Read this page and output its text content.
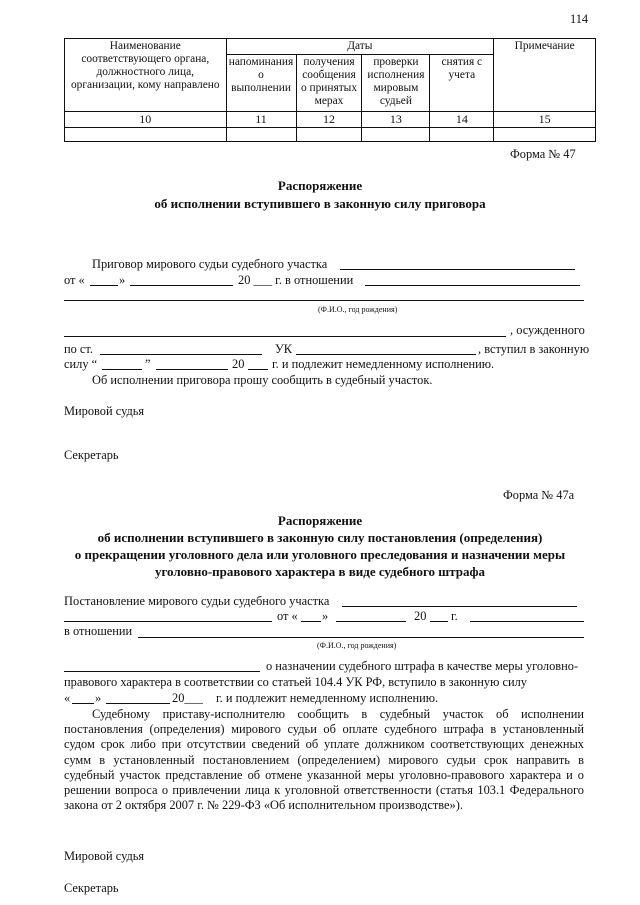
114
Наименование соответствующего органа, должностного лица, организации, кому направлено	Даты				Примечание
	напоминания о выполнении	получения сообщения о принятых мерах	проверки исполнения мировым судьей	снятия с учета	
10	11	12	13	14	15

Форма № 47
Распоряжение
об исполнении вступившего в законную силу приговора
Приговор мирового судьи судебного участка
от «	»	20 ___ г. в отношении
(Ф.И.О., год рождения)
, осужденного
по ст.	УК	, вступил в законную
силу “	”	20 г. и подлежит немедленному исполнению.
Об исполнении приговора прошу сообщить в судебный участок.
Мировой судья
Секретарь
Форма № 47а
Распоряжение
об исполнении вступившего в законную силу постановления (определения)
о прекращении уголовного дела или уголовного преследования и назначении меры
уголовно-правового характера в виде судебного штрафа
Постановление мирового судьи судебного участка
от « »	20 г.
в отношении
(Ф.И.О., год рождения)
о назначении судебного штрафа в качестве меры уголовно-
правового характера в соответствии со статьей 104.4 УК РФ, вступило в законную силу
« »	20___ г. и подлежит немедленному исполнению.
Судебному приставу-исполнителю сообщить в судебный участок об исполнении постановления (определения) мирового судьи об оплате судебного штрафа в установленный судом срок либо при отсутствии сведений об уплате должником соответствующих денежных сумм в установленный постановлением (определением) мирового судьи срок направить в судебный участок представление об отмене указанной меры уголовно-правового характера и о решении вопроса о привлечении лица к уголовной ответственности (статья 103.1 Федерального закона от 2 октября 2007 г. № 229-ФЗ «Об исполнительном производстве»).
Мировой судья
Секретарь
